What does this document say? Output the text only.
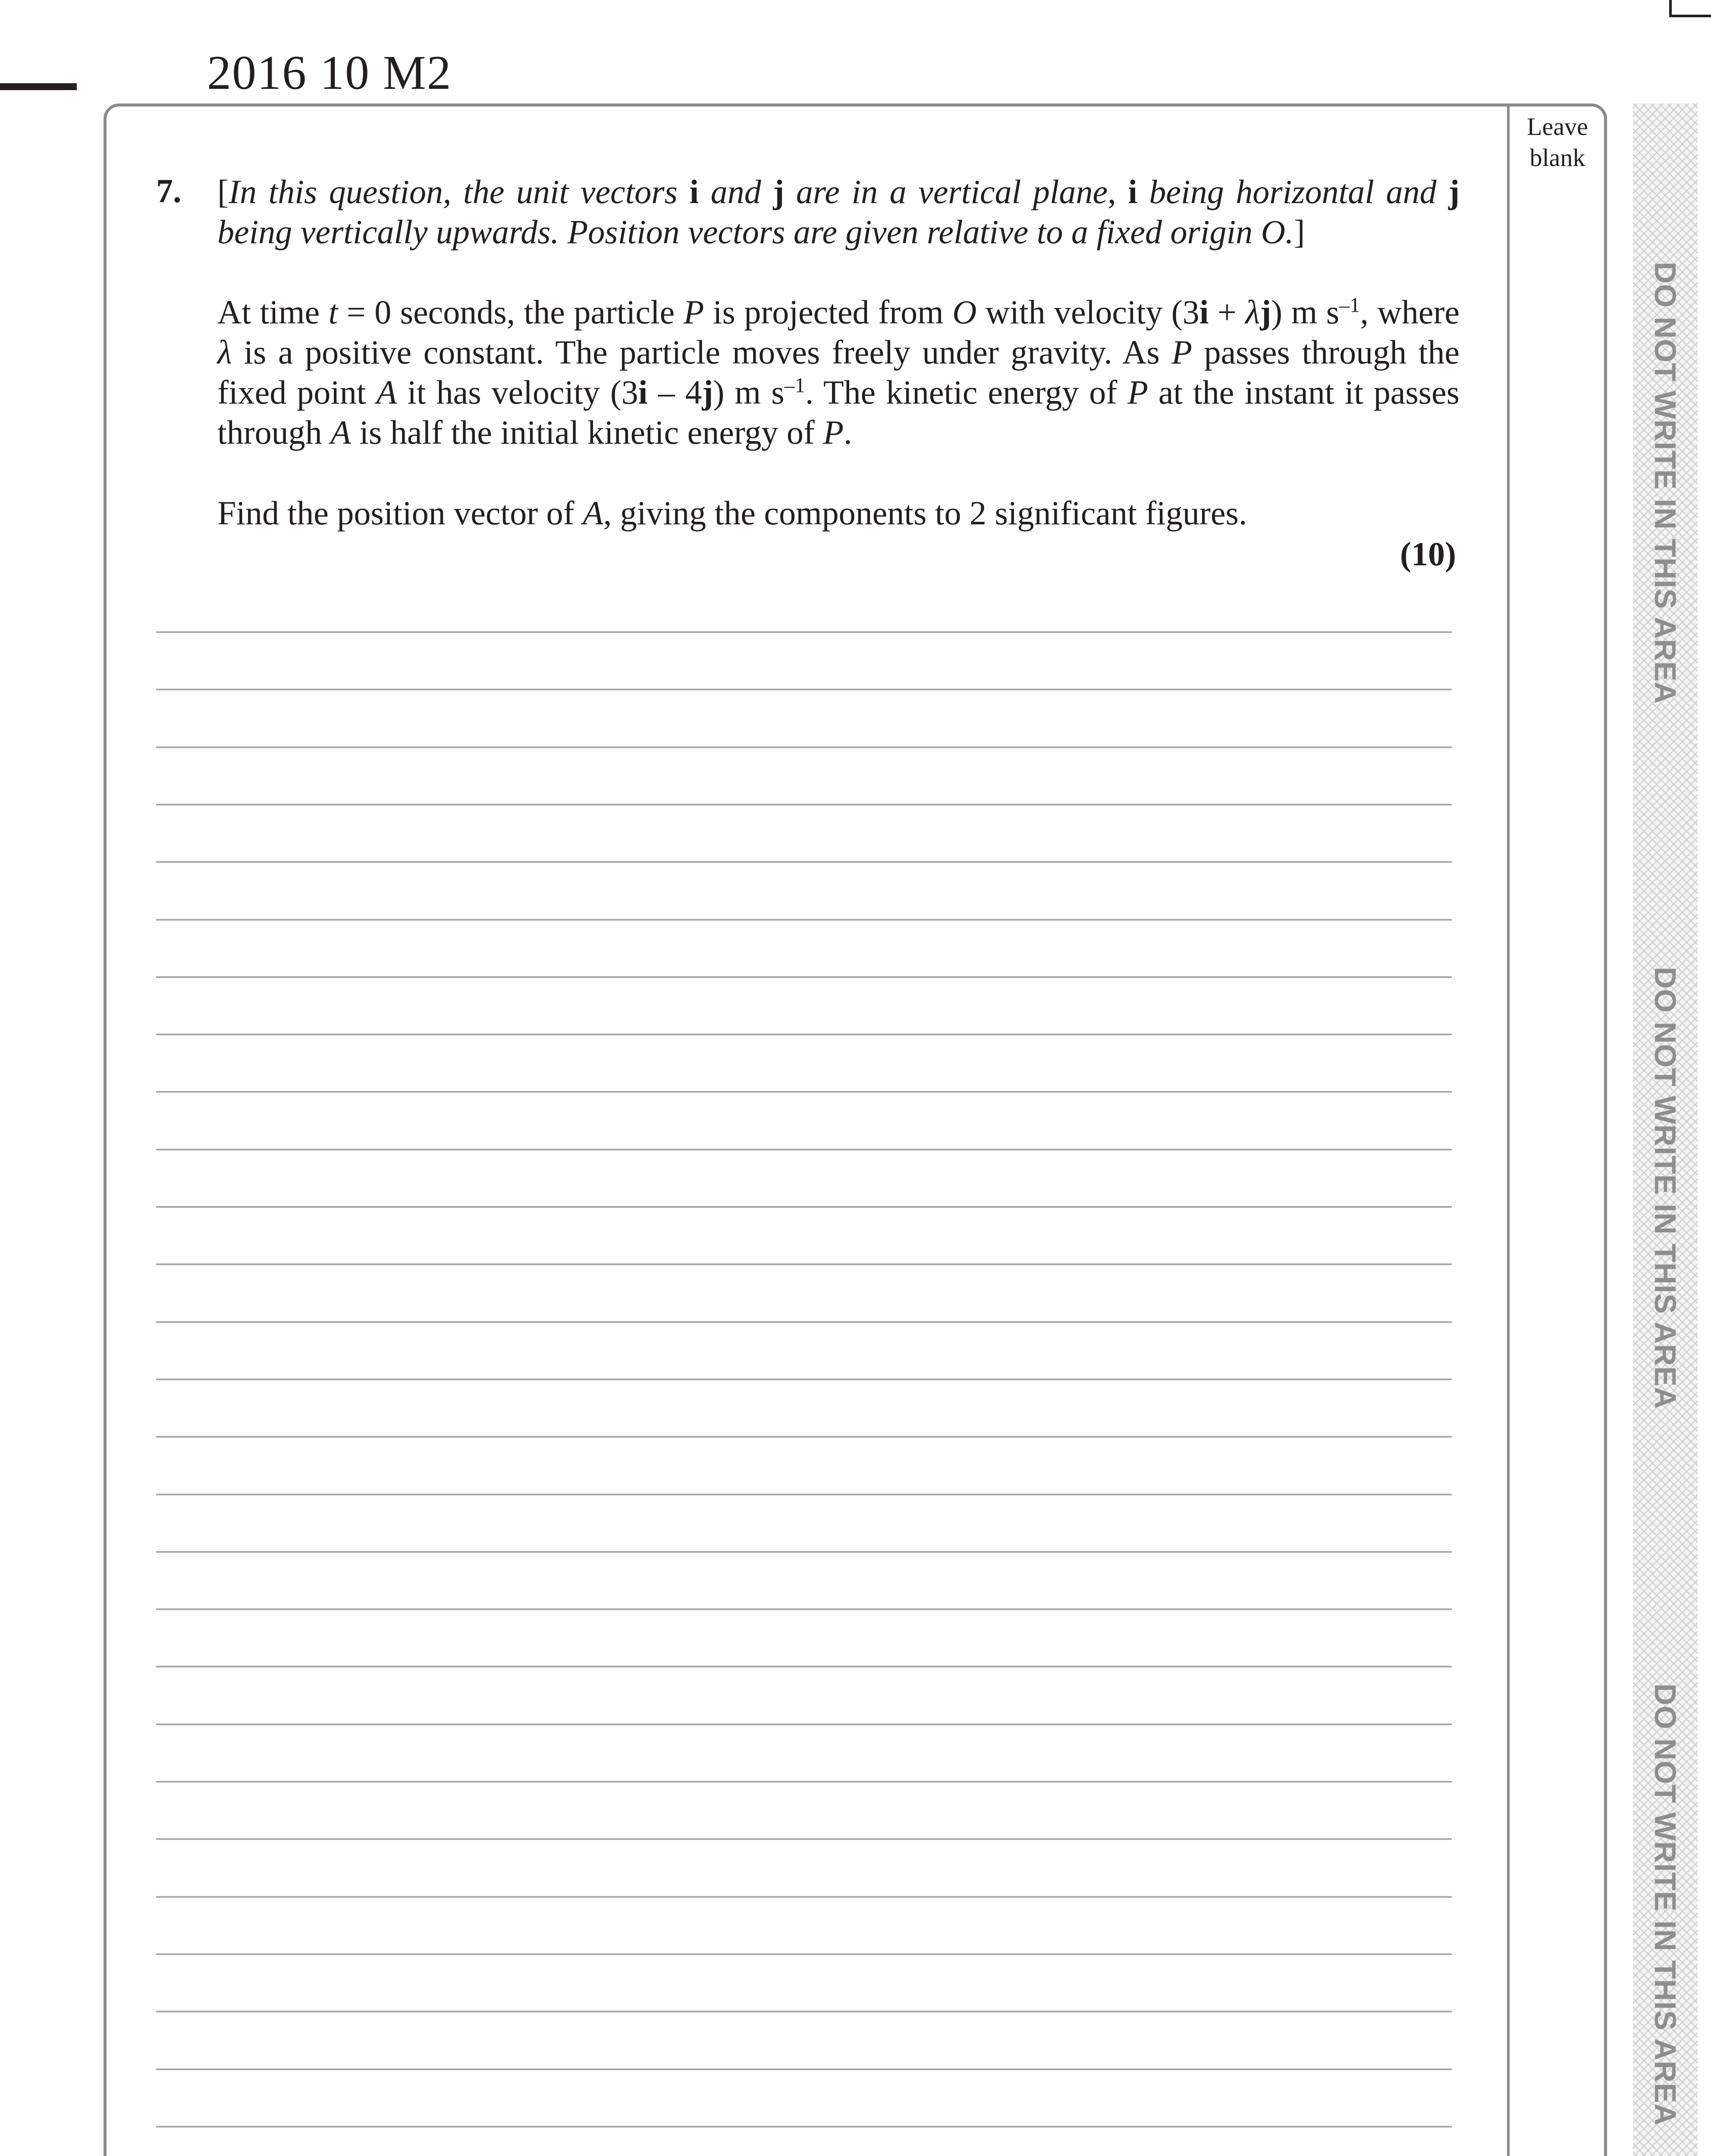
2016 10 M2
Leave
blank
7. [In this question, the unit vectors i and j are in a vertical plane, i being horizontal and j
being vertically upwards. Position vectors are given relative to a fixed origin O.]
At time t = 0 seconds, the particle P is projected from O with velocity (3i + λj) m $s^{-1}$, where
λ is a positive constant. The particle moves freely under gravity. As P passes through the
fixed point A it has velocity (3i – 4j) m $s^{-1}$. The kinetic energy of P at the instant it passes
through A is half the initial kinetic energy of P.
Find the position vector of A, giving the components to 2 significant figures.
(10)	DO NOT WRITE IN THIS AREA
DO NOT WRITE IN THIS AREA
DO NOT WRITE IN THIS AREA
